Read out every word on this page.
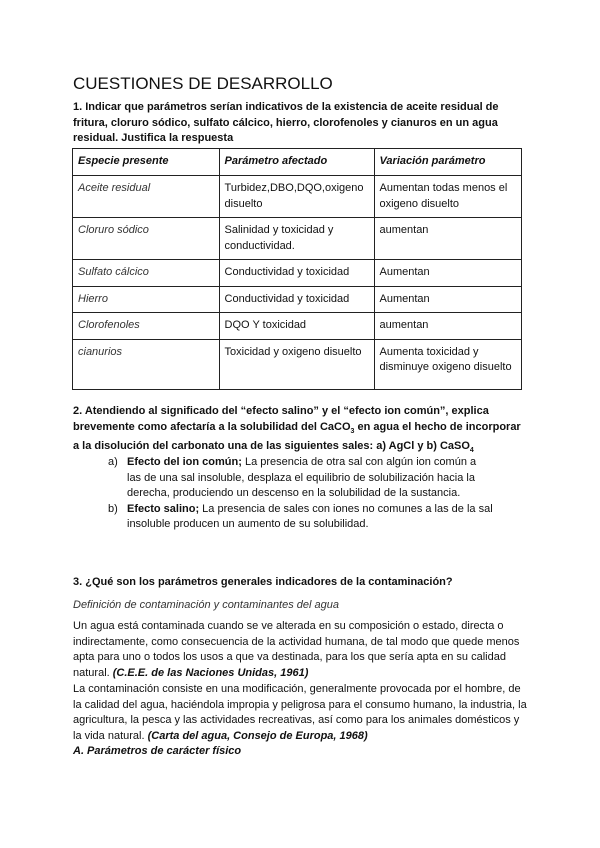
CUESTIONES DE DESARROLLO
1. Indicar que parámetros serían indicativos de la existencia de aceite residual de fritura, cloruro sódico, sulfato cálcico, hierro, clorofenoles y cianuros en un agua residual. Justifica la respuesta
Especie presente	Parámetro afectado	Variación parámetro
Aceite residual	Turbidez,DBO,DQO,oxigeno disuelto	Aumentan todas menos el oxigeno disuelto
Cloruro sódico	Salinidad y toxicidad y conductividad.	aumentan
Sulfato cálcico	Conductividad y toxicidad	Aumentan
Hierro	Conductividad y toxicidad	Aumentan
Clorofenoles	DQO Y toxicidad	aumentan
cianurios	Toxicidad y oxigeno disuelto	Aumenta toxicidad y disminuye oxigeno disuelto
2. Atendiendo al significado del “efecto salino” y el “efecto ion común”, explica brevemente como afectaría a la solubilidad del CaCO$_3$ en agua el hecho de incorporar a la disolución del carbonato una de las siguientes sales: a) AgCl y b) CaSO$_4$
a) Efecto del ion común; La presencia de otra sal con algún ion común a las de una sal insoluble, desplaza el equilibrio de solubilización hacia la derecha, produciendo un descenso en la solubilidad de la sustancia.
b) Efecto salino; La presencia de sales con iones no comunes a las de la sal insoluble producen un aumento de su solubilidad.
3. ¿Qué son los parámetros generales indicadores de la contaminación?
Definición de contaminación y contaminantes del agua
Un agua está contaminada cuando se ve alterada en su composición o estado, directa o indirectamente, como consecuencia de la actividad humana, de tal modo que quede menos apta para uno o todos los usos a que va destinada, para los que sería apta en su calidad natural. (C.E.E. de las Naciones Unidas, 1961)
La contaminación consiste en una modificación, generalmente provocada por el hombre, de la calidad del agua, haciéndola impropia y peligrosa para el consumo humano, la industria, la agricultura, la pesca y las actividades recreativas, así como para los animales domésticos y la vida natural. (Carta del agua, Consejo de Europa, 1968)
A. Parámetros de carácter físico
